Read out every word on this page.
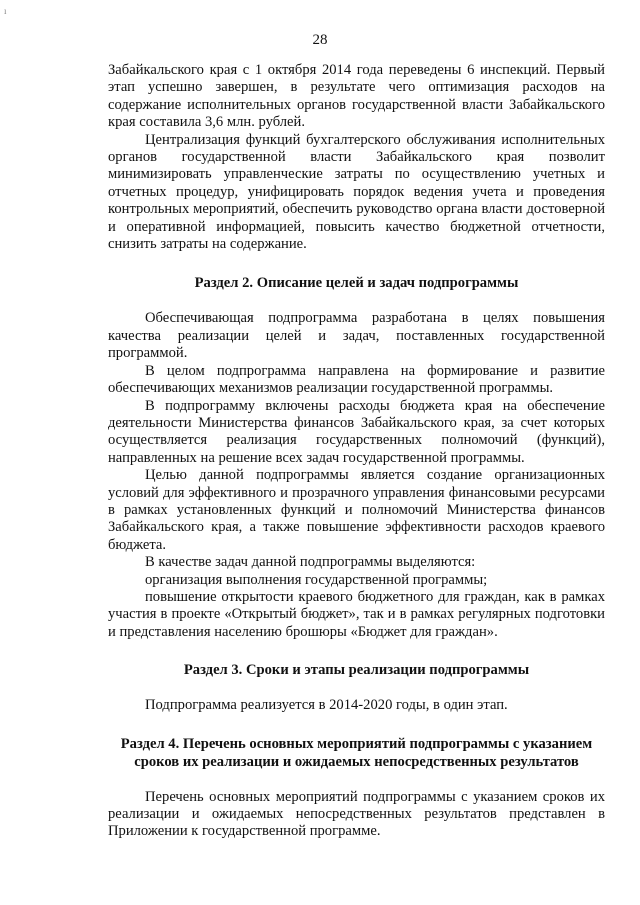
ı
28

Забайкальского края с 1 октября 2014 года переведены 6 инспекций. Первый этап успешно завершен, в результате чего оптимизация расходов на содержание исполнительных органов государственной власти Забайкальского края составила 3,6 млн. рублей.

Централизация функций бухгалтерского обслуживания исполнительных органов государственной власти Забайкальского края позволит минимизировать управленческие затраты по осуществлению учетных и отчетных процедур, унифицировать порядок ведения учета и проведения контрольных мероприятий, обеспечить руководство органа власти достоверной и оперативной информацией, повысить качество бюджетной отчетности, снизить затраты на содержание.

Раздел 2. Описание целей и задач подпрограммы

Обеспечивающая подпрограмма разработана в целях повышения качества реализации целей и задач, поставленных государственной программой.

В целом подпрограмма направлена на формирование и развитие обеспечивающих механизмов реализации государственной программы.

В подпрограмму включены расходы бюджета края на обеспечение деятельности Министерства финансов Забайкальского края, за счет которых осуществляется реализация государственных полномочий (функций), направленных на решение всех задач государственной программы.

Целью данной подпрограммы является создание организационных условий для эффективного и прозрачного управления финансовыми ресурсами в рамках установленных функций и полномочий Министерства финансов Забайкальского края, а также повышение эффективности расходов краевого бюджета.

В качестве задач данной подпрограммы выделяются:

организация выполнения государственной программы;

повышение открытости краевого бюджетного для граждан, как в рамках участия в проекте «Открытый бюджет», так и в рамках регулярных подготовки и представления населению брошюры «Бюджет для граждан».

Раздел 3. Сроки и этапы реализации подпрограммы

Подпрограмма реализуется в 2014-2020 годы, в один этап.

Раздел 4. Перечень основных мероприятий подпрограммы с указанием сроков их реализации и ожидаемых непосредственных результатов

Перечень основных мероприятий подпрограммы с указанием сроков их реализации и ожидаемых непосредственных результатов представлен в Приложении к государственной программе.
